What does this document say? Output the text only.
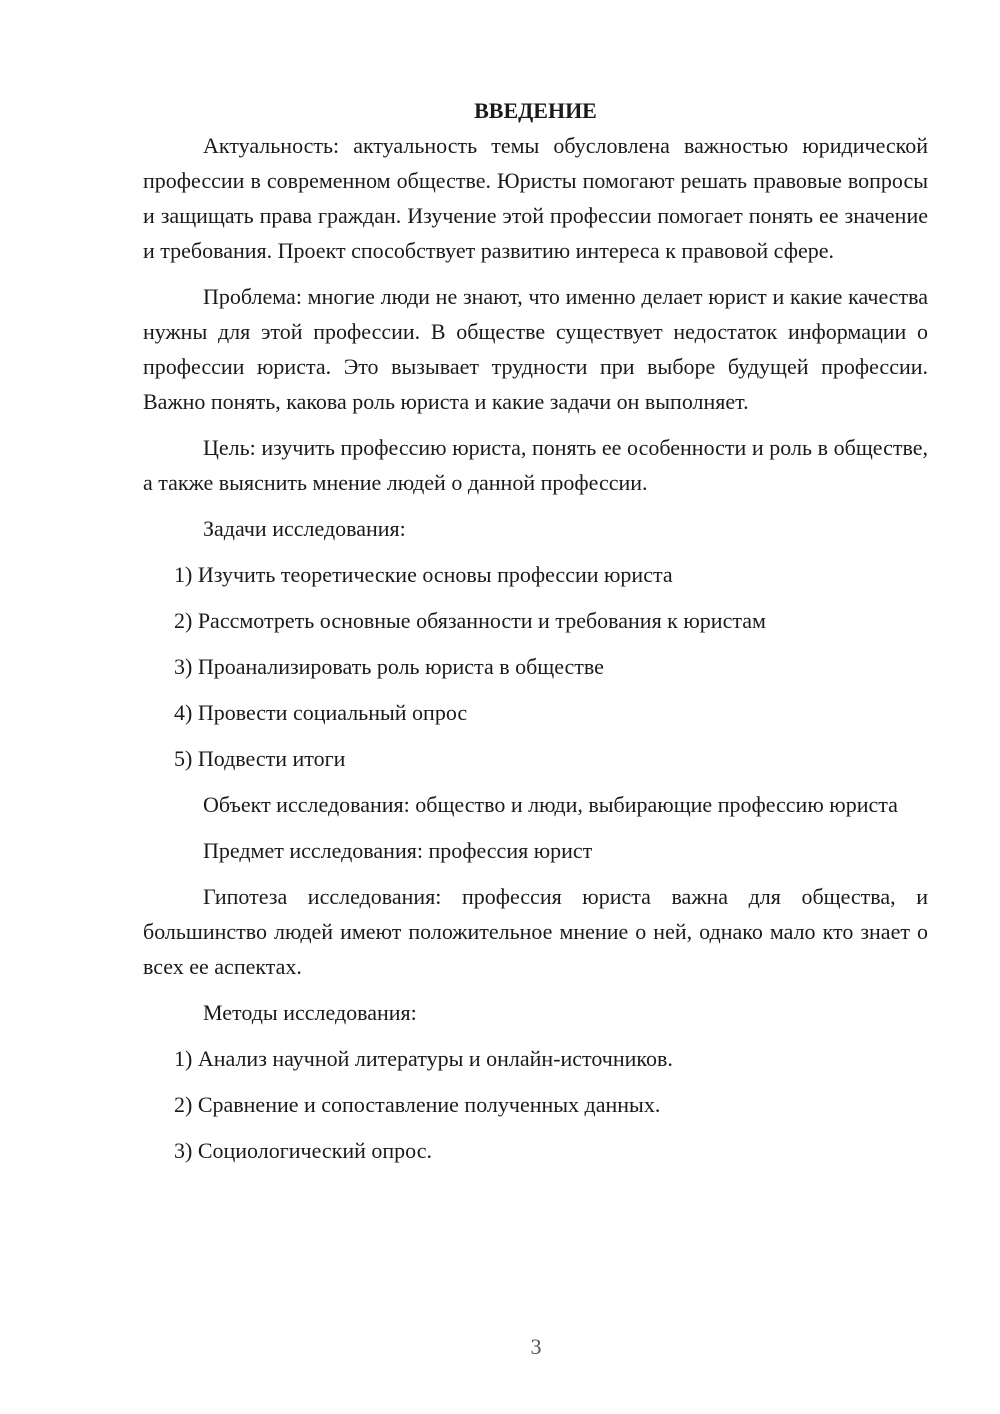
ВВЕДЕНИЕ

Актуальность: актуальность темы обусловлена важностью юридической профессии в современном обществе. Юристы помогают решать правовые вопросы и защищать права граждан. Изучение этой профессии помогает понять ее значение и требования. Проект способствует развитию интереса к правовой сфере.

Проблема: многие люди не знают, что именно делает юрист и какие качества нужны для этой профессии. В обществе существует недостаток информации о профессии юриста. Это вызывает трудности при выборе будущей профессии. Важно понять, какова роль юриста и какие задачи он выполняет.

Цель: изучить профессию юриста, понять ее особенности и роль в обществе, а также выяснить мнение людей о данной профессии.

Задачи исследования:

1) Изучить теоретические основы профессии юриста

2) Рассмотреть основные обязанности и требования к юристам

3) Проанализировать роль юриста в обществе

4) Провести социальный опрос

5) Подвести итоги

Объект исследования: общество и люди, выбирающие профессию юриста

Предмет исследования: профессия юрист

Гипотеза исследования: профессия юриста важна для общества, и большинство людей имеют положительное мнение о ней, однако мало кто знает о всех ее аспектах.

Методы исследования:

1) Анализ научной литературы и онлайн-источников.

2) Сравнение и сопоставление полученных данных.

3) Социологический опрос.

3
